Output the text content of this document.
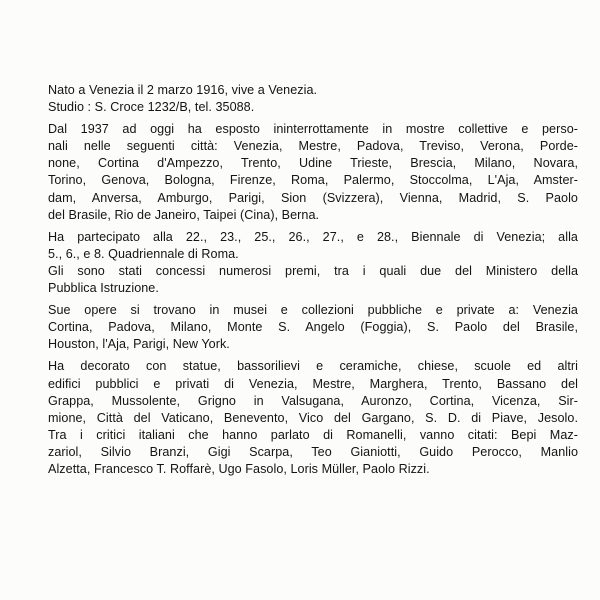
Nato a Venezia il 2 marzo 1916, vive a Venezia.

Studio : S. Croce 1232/B, tel. 35088.

Dal 1937 ad oggi ha esposto ininterrottamente in mostre collettive e perso-
nali nelle seguenti città: Venezia, Mestre, Padova, Treviso, Verona, Porde-
none, Cortina d'Ampezzo, Trento, Udine Trieste, Brescia, Milano, Novara,
Torino, Genova, Bologna, Firenze, Roma, Palermo, Stoccolma, L'Aja, Amster-
dam, Anversa, Amburgo, Parigi, Sion (Svizzera), Vienna, Madrid, S. Paolo
del Brasile, Rio de Janeiro, Taipei (Cina), Berna.

Ha partecipato alla 22., 23., 25., 26., 27., e 28., Biennale di Venezia; alla
5., 6., e 8. Quadriennale di Roma.

Gli sono stati concessi numerosi premi, tra i quali due del Ministero della
Pubblica Istruzione.

Sue opere si trovano in musei e collezioni pubbliche e private a: Venezia
Cortina, Padova, Milano, Monte S. Angelo (Foggia), S. Paolo del Brasile,
Houston, l'Aja, Parigi, New York.

Ha decorato con statue, bassorilievi e ceramiche, chiese, scuole ed altri
edifici pubblici e privati di Venezia, Mestre, Marghera, Trento, Bassano del
Grappa, Mussolente, Grigno in Valsugana, Auronzo, Cortina, Vicenza, Sir-
mione, Città del Vaticano, Benevento, Vico del Gargano, S. D. di Piave, Jesolo.

Tra i critici italiani che hanno parlato di Romanelli, vanno citati: Bepi Maz-
zariol, Silvio Branzi, Gigi Scarpa, Teo Gianiotti, Guido Perocco, Manlio
Alzetta, Francesco T. Roffarè, Ugo Fasolo, Loris Müller, Paolo Rizzi.
